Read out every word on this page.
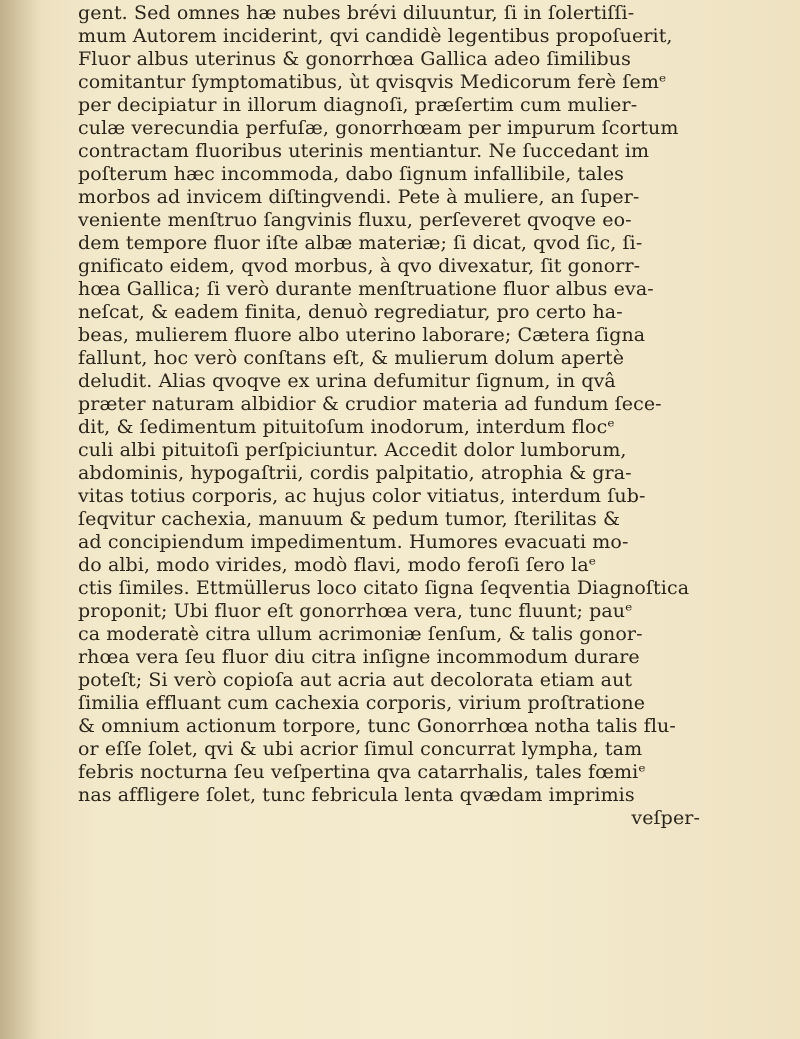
gent. Sed omnes hæ nubes brévi diluuntur, ſi in ſolertiſſi-
mum Autorem inciderint, qvi candidè legentibus propoſuerit,
Fluor albus uterinus & gonorrhœa Gallica adeo ſimilibus
comitantur ſymptomatibus, ùt qvisqvis Medicorum ferè ſemᵉ
per decipiatur in illorum diagnoſi, præſertim cum mulier-
culæ verecundia perfuſæ, gonorrhœam per impurum ſcortum
contractam fluoribus uterinis mentiantur. Ne ſuccedant im
poſterum hæc incommoda, dabo ſignum infallibile, tales
morbos ad invicem diſtingvendi. Pete à muliere, an ſuper-
veniente menſtruo ſangvinis fluxu, perſeveret qvoqve eo-
dem tempore fluor iſte albæ materiæ; ſi dicat, qvod ſic, ſi-
gnificato eidem, qvod morbus, à qvo divexatur, ſit gonorr-
hœa Gallica; ſi verò durante menſtruatione fluor albus eva-
neſcat, & eadem finita, denuò regrediatur, pro certo ha-
beas, mulierem fluore albo uterino laborare; Cætera ſigna
fallunt, hoc verò conſtans eſt, & mulierum dolum apertè
deludit. Alias qvoqve ex urina defumitur ſignum, in qvâ
præter naturam albidior & crudior materia ad fundum ſece-
dit, & ſedimentum pituitoſum inodorum, interdum flocᵉ
culi albi pituitoſi perſpiciuntur. Accedit dolor lumborum,
abdominis, hypogaſtrii, cordis palpitatio, atrophia & gra-
vitas totius corporis, ac hujus color vitiatus, interdum ſub-
ſeqvitur cachexia, manuum & pedum tumor, ſterilitas &
ad concipiendum impedimentum. Humores evacuati mo-
do albi, modo virides, modò flavi, modo feroſi ſero laᵉ
ctis ſimiles. Ettmüllerus loco citato ſigna ſeqventia Diagnoſtica
proponit; Ubi fluor eſt gonorrhœa vera, tunc fluunt; pauᵉ
ca moderatè citra ullum acrimoniæ ſenſum, & talis gonor-
rhœa vera ſeu fluor diu citra inſigne incommodum durare
poteſt; Si verò copioſa aut acria aut decolorata etiam aut
ſimilia effluant cum cachexia corporis, virium proſtratione
& omnium actionum torpore, tunc Gonorrhœa notha talis flu-
or eſſe ſolet, qvi & ubi acrior ſimul concurrat lympha, tam
febris nocturna ſeu veſpertina qva catarrhalis, tales fœmiᵉ
nas affligere ſolet, tunc febricula lenta qvædam imprimis
veſper-
